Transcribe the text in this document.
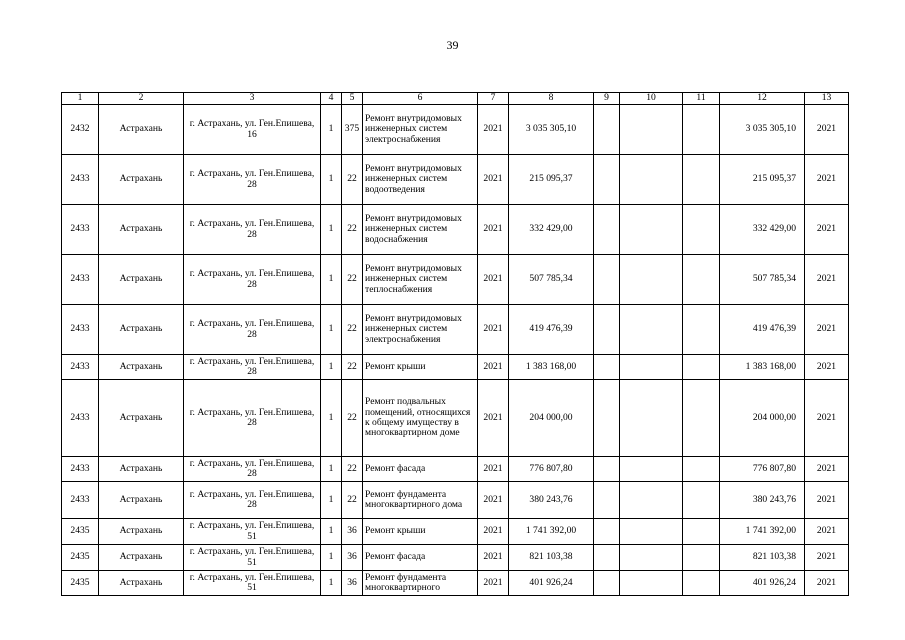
39
1	2	3	4	5	6	7	8	9	10	11	12	13
2432	Астрахань	г. Астрахань, ул. Ген.Епишева, 16	1	375	Ремонт внутридомовых инженерных систем электроснабжения	2021	3 035 305,10				3 035 305,10	2021
2433	Астрахань	г. Астрахань, ул. Ген.Епишева, 28	1	22	Ремонт внутридомовых инженерных систем водоотведения	2021	215 095,37				215 095,37	2021
2433	Астрахань	г. Астрахань, ул. Ген.Епишева, 28	1	22	Ремонт внутридомовых инженерных систем водоснабжения	2021	332 429,00				332 429,00	2021
2433	Астрахань	г. Астрахань, ул. Ген.Епишева, 28	1	22	Ремонт внутридомовых инженерных систем теплоснабжения	2021	507 785,34				507 785,34	2021
2433	Астрахань	г. Астрахань, ул. Ген.Епишева, 28	1	22	Ремонт внутридомовых инженерных систем электроснабжения	2021	419 476,39				419 476,39	2021
2433	Астрахань	г. Астрахань, ул. Ген.Епишева, 28	1	22	Ремонт крыши	2021	1 383 168,00				1 383 168,00	2021
2433	Астрахань	г. Астрахань, ул. Ген.Епишева, 28	1	22	Ремонт подвальных помещений, относящихся к общему имуществу в многоквартирном доме	2021	204 000,00				204 000,00	2021
2433	Астрахань	г. Астрахань, ул. Ген.Епишева, 28	1	22	Ремонт фасада	2021	776 807,80				776 807,80	2021
2433	Астрахань	г. Астрахань, ул. Ген.Епишева, 28	1	22	Ремонт фундамента многоквартирного дома	2021	380 243,76				380 243,76	2021
2435	Астрахань	г. Астрахань, ул. Ген.Епишева, 51	1	36	Ремонт крыши	2021	1 741 392,00				1 741 392,00	2021
2435	Астрахань	г. Астрахань, ул. Ген.Епишева, 51	1	36	Ремонт фасада	2021	821 103,38				821 103,38	2021
2435	Астрахань	г. Астрахань, ул. Ген.Епишева, 51	1	36	Ремонт фундамента многоквартирного	2021	401 926,24				401 926,24	2021
